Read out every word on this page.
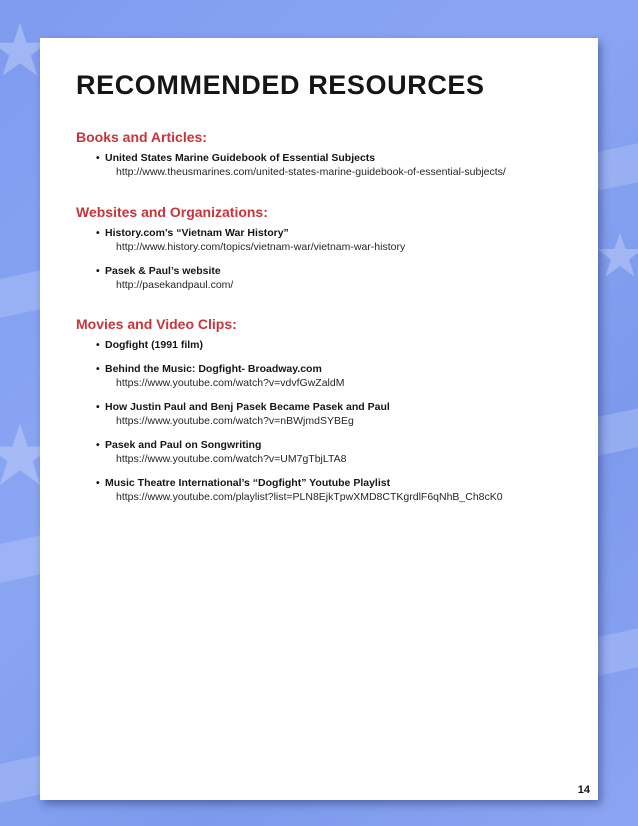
RECOMMENDED RESOURCES
Books and Articles:
• United States Marine Guidebook of Essential Subjects
http://www.theusmarines.com/united-states-marine-guidebook-of-essential-subjects/
Websites and Organizations:
• History.com’s “Vietnam War History”
http://www.history.com/topics/vietnam-war/vietnam-war-history
• Pasek & Paul’s website
http://pasekandpaul.com/
Movies and Video Clips:
• Dogfight (1991 film)
• Behind the Music: Dogfight- Broadway.com
https://www.youtube.com/watch?v=vdvfGwZaldM
• How Justin Paul and Benj Pasek Became Pasek and Paul
https://www.youtube.com/watch?v=nBWjmdSYBEg
• Pasek and Paul on Songwriting
https://www.youtube.com/watch?v=UM7gTbjLTA8
• Music Theatre International’s “Dogfight” Youtube Playlist
https://www.youtube.com/playlist?list=PLN8EjkTpwXMD8CTKgrdlF6qNhB_Ch8cK0
14
